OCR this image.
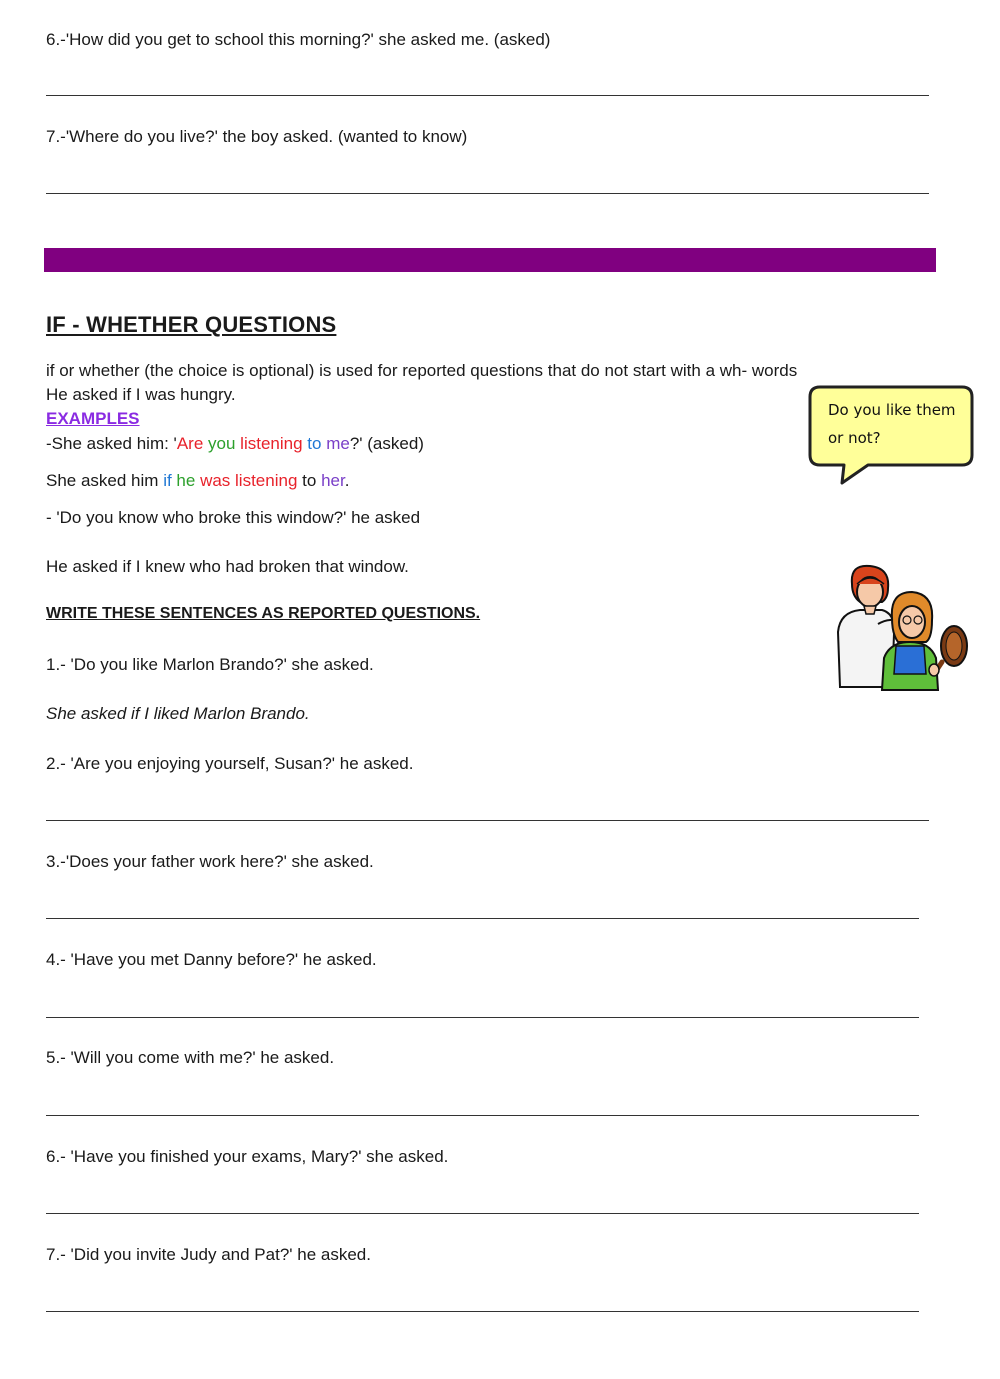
6.-'How did you get to school this morning?' she asked me. (asked)
7.-'Where do you live?' the boy asked. (wanted to know)
IF - WHETHER QUESTIONS
if or whether (the choice is optional) is used for reported questions that do not start with a wh- words
He asked if I was hungry.
EXAMPLES
-She asked him: 'Are you listening to me?' (asked)
She asked him if he was listening to her.
- 'Do you know who broke this window?' he asked
He asked if I knew who had broken that window.
Do you like them or not?
WRITE THESE SENTENCES AS REPORTED QUESTIONS.
1.- 'Do you like Marlon Brando?' she asked.
She asked if I liked Marlon Brando.
2.- 'Are you enjoying yourself, Susan?' he asked.
3.-'Does your father work here?' she asked.
4.- 'Have you met Danny before?' he asked.
5.- 'Will you come with me?' he asked.
6.- 'Have you finished your exams, Mary?' she asked.
7.- 'Did you invite Judy and Pat?' he asked.
